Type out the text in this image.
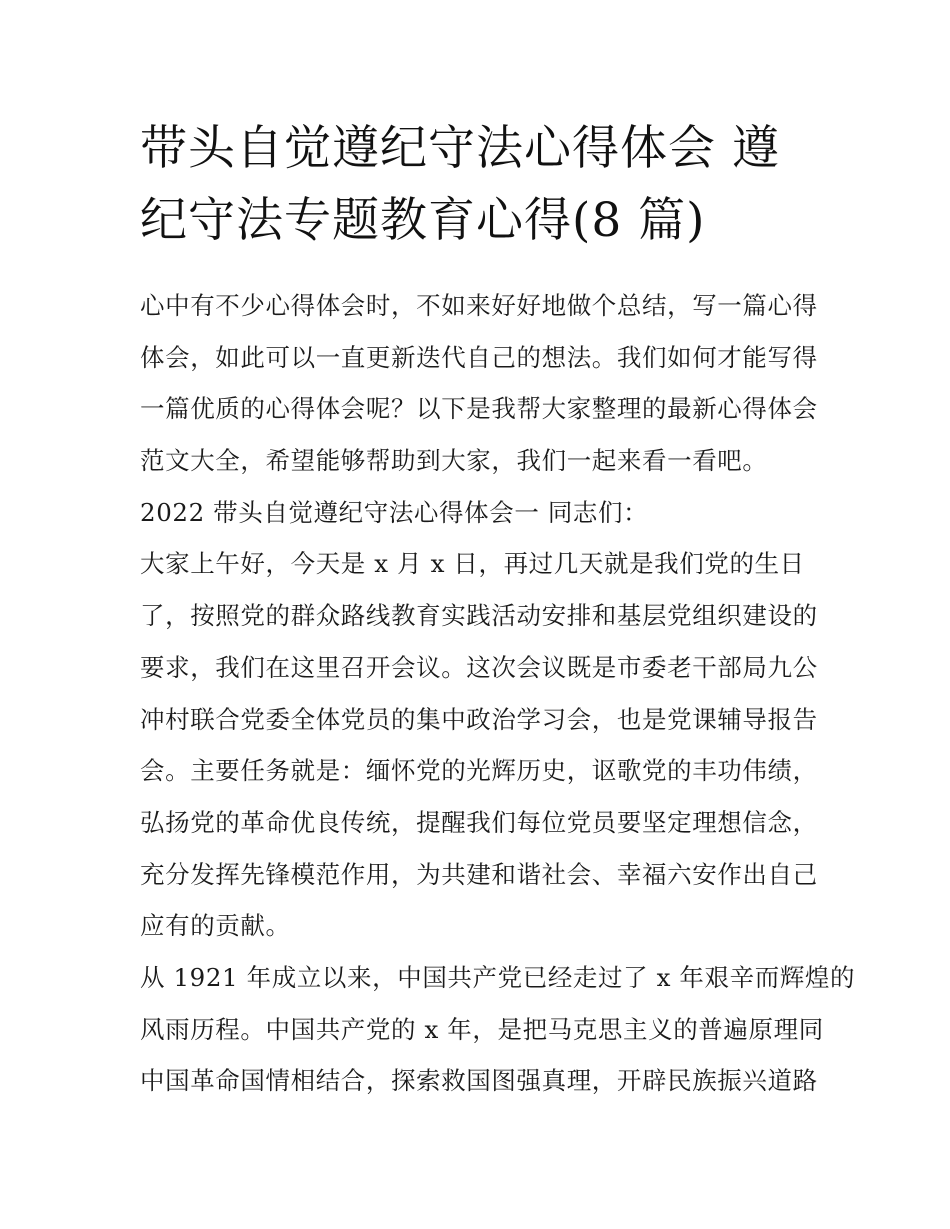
带头自觉遵纪守法心得体会 遵
纪守法专题教育心得(8 篇)
心中有不少心得体会时，不如来好好地做个总结，写一篇心得
体会，如此可以一直更新迭代自己的想法。我们如何才能写得
一篇优质的心得体会呢？以下是我帮大家整理的最新心得体会
范文大全，希望能够帮助到大家，我们一起来看一看吧。
2022 带头自觉遵纪守法心得体会一 同志们：
大家上午好，今天是 x 月 x 日，再过几天就是我们党的生日
了，按照党的群众路线教育实践活动安排和基层党组织建设的
要求，我们在这里召开会议。这次会议既是市委老干部局九公
冲村联合党委全体党员的集中政治学习会，也是党课辅导报告
会。主要任务就是：缅怀党的光辉历史，讴歌党的丰功伟绩，
弘扬党的革命优良传统，提醒我们每位党员要坚定理想信念，
充分发挥先锋模范作用，为共建和谐社会、幸福六安作出自己
应有的贡献。
从 1921 年成立以来，中国共产党已经走过了 x 年艰辛而辉煌的
风雨历程。中国共产党的 x 年，是把马克思主义的普遍原理同
中国革命国情相结合，探索救国图强真理，开辟民族振兴道路
